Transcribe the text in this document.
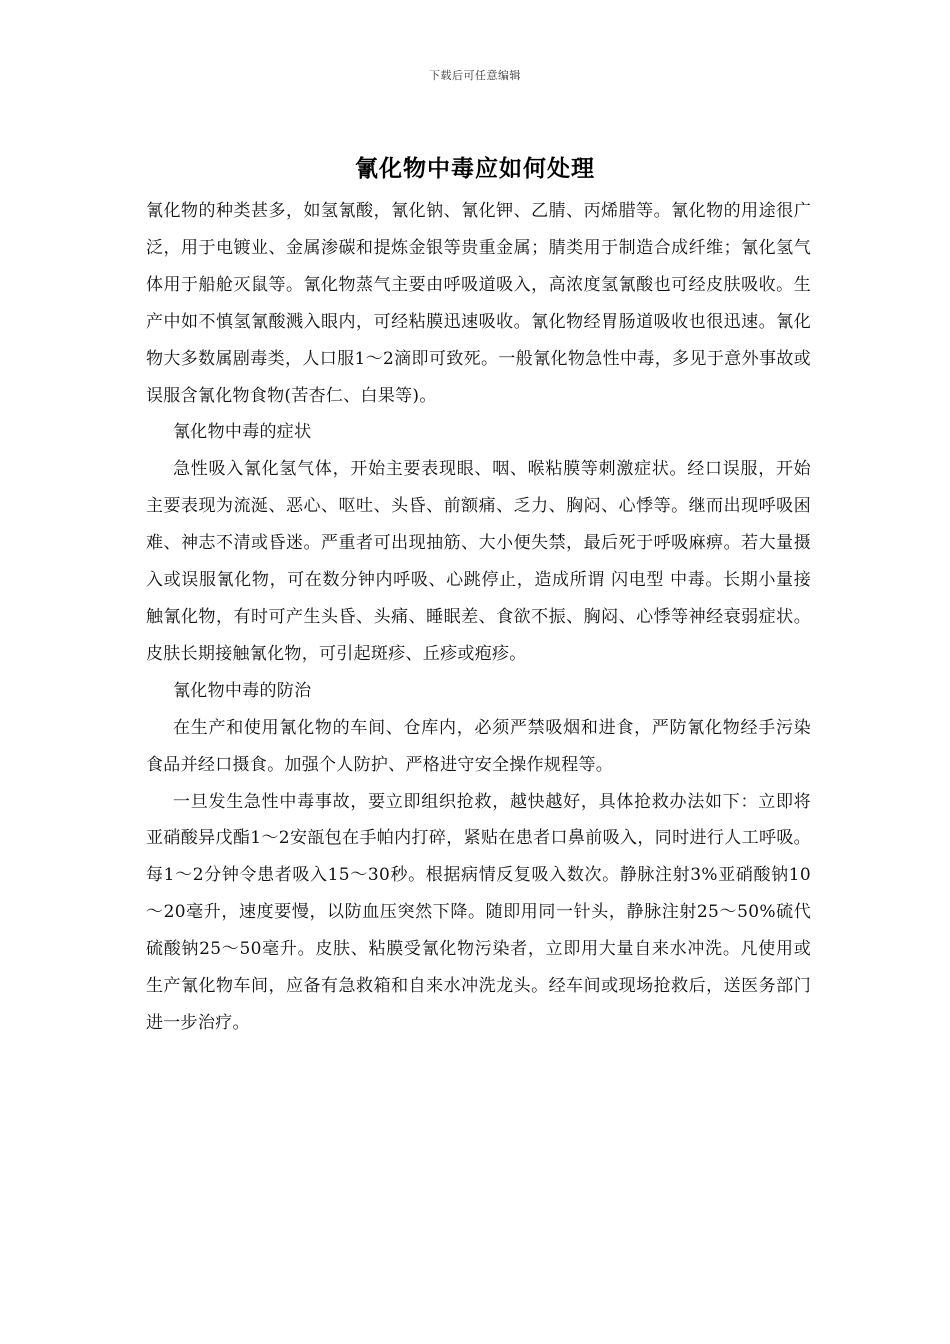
下载后可任意编辑
氰化物中毒应如何处理

氰化物的种类甚多，如氢氰酸，氰化钠、氰化钾、乙腈、丙烯腊等。氰化物的用途很广泛，用于电镀业、金属渗碳和提炼金银等贵重金属；腈类用于制造合成纤维；氰化氢气体用于船舱灭鼠等。氰化物蒸气主要由呼吸道吸入，高浓度氢氰酸也可经皮肤吸收。生产中如不慎氢氰酸溅入眼内，可经粘膜迅速吸收。氰化物经胃肠道吸收也很迅速。氰化物大多数属剧毒类，人口服1～2滴即可致死。一般氰化物急性中毒，多见于意外事故或误服含氰化物食物(苦杏仁、白果等)。

氰化物中毒的症状

急性吸入氰化氢气体，开始主要表现眼、咽、喉粘膜等刺激症状。经口误服，开始主要表现为流涎、恶心、呕吐、头昏、前额痛、乏力、胸闷、心悸等。继而出现呼吸困难、神志不清或昏迷。严重者可出现抽筋、大小便失禁，最后死于呼吸麻痹。若大量摄入或误服氰化物，可在数分钟内呼吸、心跳停止，造成所谓 闪电型 中毒。长期小量接触氰化物，有时可产生头昏、头痛、睡眠差、食欲不振、胸闷、心悸等神经衰弱症状。皮肤长期接触氰化物，可引起斑疹、丘疹或疱疹。

氰化物中毒的防治

在生产和使用氰化物的车间、仓库内，必须严禁吸烟和进食，严防氰化物经手污染食品并经口摄食。加强个人防护、严格进守安全操作规程等。

一旦发生急性中毒事故，要立即组织抢救，越快越好，具体抢救办法如下：立即将亚硝酸异戊酯1～2安瓿包在手帕内打碎，紧贴在患者口鼻前吸入，同时进行人工呼吸。每1～2分钟令患者吸入15～30秒。根据病情反复吸入数次。静脉注射3%亚硝酸钠10～20毫升，速度要慢，以防血压突然下降。随即用同一针头，静脉注射25～50%硫代硫酸钠25～50毫升。皮肤、粘膜受氰化物污染者，立即用大量自来水冲洗。凡使用或生产氰化物车间，应备有急救箱和自来水冲洗龙头。经车间或现场抢救后，送医务部门进一步治疗。
